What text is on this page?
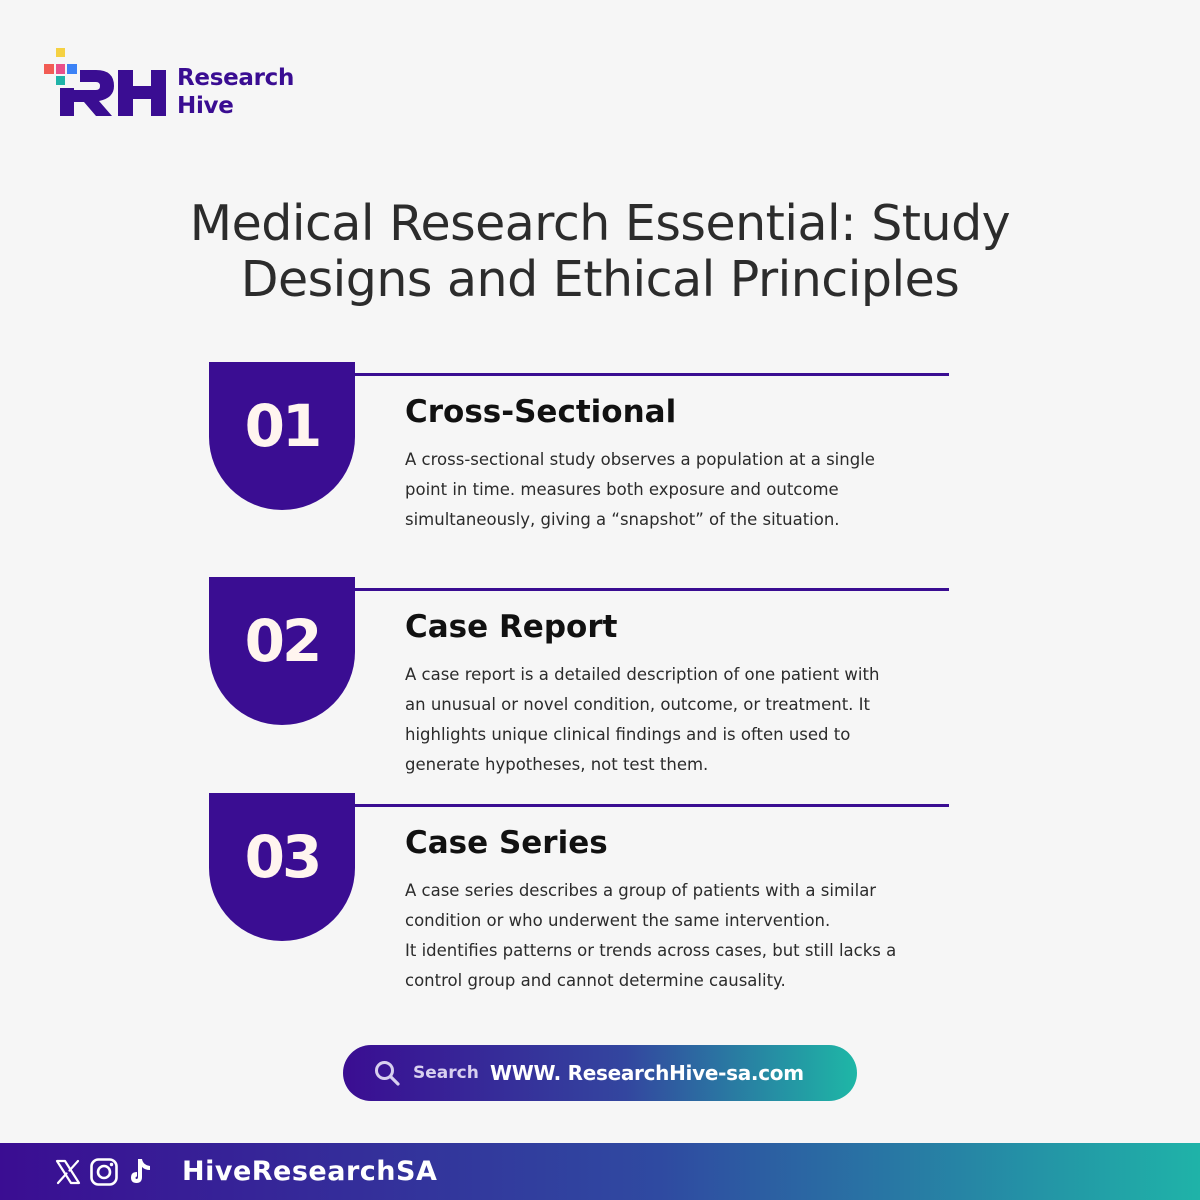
Research
Hive
Medical Research Essential: Study
Designs and Ethical Principles
01	Cross-Sectional
A cross-sectional study observes a population at a single
point in time. measures both exposure and outcome
simultaneously, giving a “snapshot” of the situation.
02	Case Report
A case report is a detailed description of one patient with
an unusual or novel condition, outcome, or treatment. It
highlights unique clinical findings and is often used to
generate hypotheses, not test them.
03	Case Series
A case series describes a group of patients with a similar
condition or who underwent the same intervention.
It identifies patterns or trends across cases, but still lacks a
control group and cannot determine causality.
Search WWW. ResearchHive-sa.com
HiveResearchSA
